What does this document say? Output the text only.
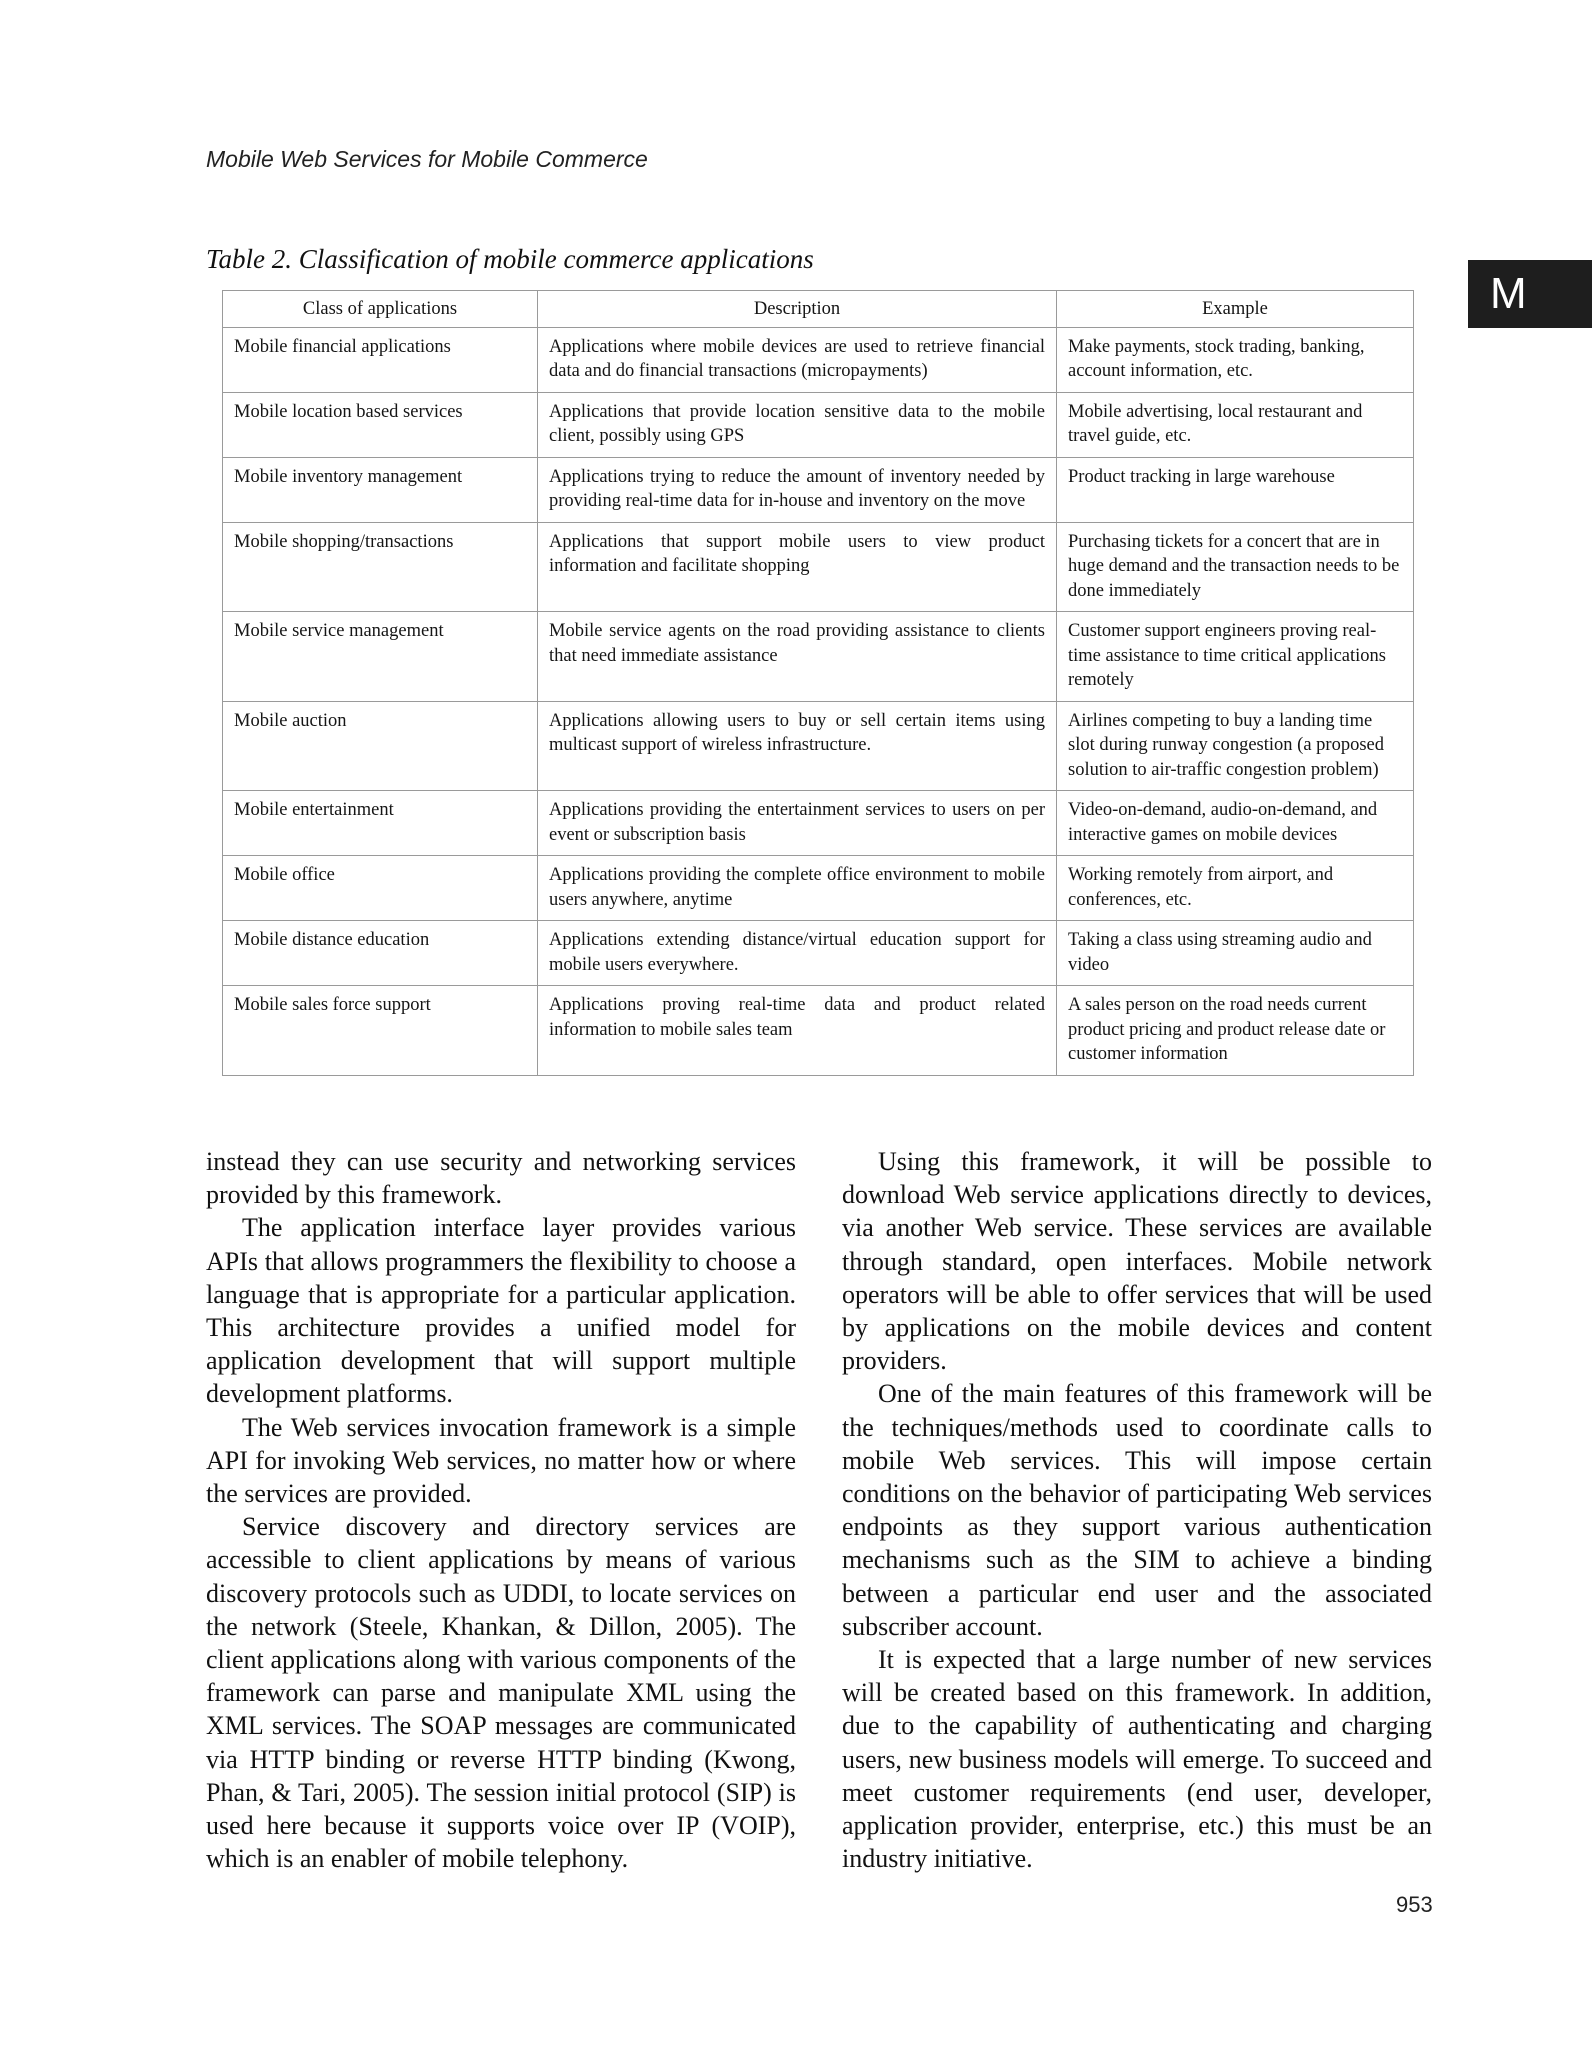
Mobile Web Services for Mobile Commerce
M
Table 2. Classification of mobile commerce applications
Class of applications	Description	Example
Mobile financial applications	Applications where mobile devices are used to retrieve financial data and do financial transactions (micropayments)	Make payments, stock trading, banking, account information, etc.
Mobile location based services	Applications that provide location sensitive data to the mobile client, possibly using GPS	Mobile advertising, local restaurant and travel guide, etc.
Mobile inventory management	Applications trying to reduce the amount of inventory needed by providing real-time data for in-house and inventory on the move	Product tracking in large warehouse
Mobile shopping/transactions	Applications that support mobile users to view product information and facilitate shopping	Purchasing tickets for a concert that are in huge demand and the transaction needs to be done immediately
Mobile service management	Mobile service agents on the road providing assistance to clients that need immediate assistance	Customer support engineers proving real-time assistance to time critical applications remotely
Mobile auction	Applications allowing users to buy or sell certain items using multicast support of wireless infrastructure.	Airlines competing to buy a landing time slot during runway congestion (a proposed solution to air-traffic congestion problem)
Mobile entertainment	Applications providing the entertainment services to users on per event or subscription basis	Video-on-demand, audio-on-demand, and interactive games on mobile devices
Mobile office	Applications providing the complete office environment to mobile users anywhere, anytime	Working remotely from airport, and conferences, etc.
Mobile distance education	Applications extending distance/virtual education support for mobile users everywhere.	Taking a class using streaming audio and video
Mobile sales force support	Applications proving real-time data and product related information to mobile sales team	A sales person on the road needs current product pricing and product release date or customer information

instead they can use security and networking services provided by this framework.

The application interface layer provides various APIs that allows programmers the flexibility to choose a language that is appropriate for a particular application. This architecture provides a unified model for application development that will support multiple development platforms.

The Web services invocation framework is a simple API for invoking Web services, no matter how or where the services are provided.

Service discovery and directory services are accessible to client applications by means of various discovery protocols such as UDDI, to locate services on the network (Steele, Khankan, & Dillon, 2005). The client applications along with various components of the framework can parse and manipulate XML using the XML services. The SOAP messages are communicated via HTTP binding or reverse HTTP binding (Kwong, Phan, & Tari, 2005). The session initial protocol (SIP) is used here because it supports voice over IP (VOIP), which is an enabler of mobile telephony.

Using this framework, it will be possible to download Web service applications directly to devices, via another Web service. These services are available through standard, open interfaces. Mobile network operators will be able to offer services that will be used by applications on the mobile devices and content providers.

One of the main features of this framework will be the techniques/methods used to coordinate calls to mobile Web services. This will impose certain conditions on the behavior of participating Web services endpoints as they support various authentication mechanisms such as the SIM to achieve a binding between a particular end user and the associated subscriber account.

It is expected that a large number of new services will be created based on this framework. In addition, due to the capability of authenticating and charging users, new business models will emerge. To succeed and meet customer requirements (end user, developer, application provider, enterprise, etc.) this must be an industry initiative.

953
